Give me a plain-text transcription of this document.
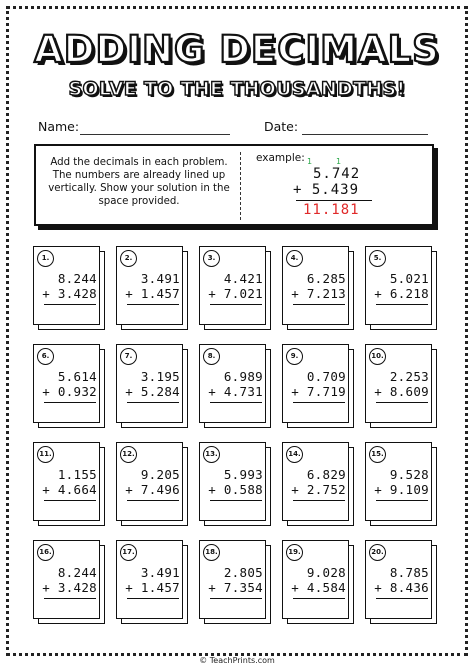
ADDING DECIMALS
SOLVE TO THE THOUSANDTHS!
Name:	Date:
Add the decimals in each problem. The numbers are already lined up vertically. Show your solution in the space provided.
example: 1	1
5.742
+ 5.439
11.181
1.
8.244
+ 3.428
2.
3.491
+ 1.457
3.
4.421
+ 7.021
4.
6.285
+ 7.213
5.
5.021
+ 6.218
6.
5.614
+ 0.932
7.
3.195
+ 5.284
8.
6.989
+ 4.731
9.
0.709
+ 7.719
10.
2.253
+ 8.609
11.
1.155
+ 4.664
12.
9.205
+ 7.496
13.
5.993
+ 0.588
14.
6.829
+ 2.752
15.
9.528
+ 9.109
16.
8.244
+ 3.428
17.
3.491
+ 1.457
18.
2.805
+ 7.354
19.
9.028
+ 4.584
20.
8.785
+ 8.436
© TeachPrints.com
